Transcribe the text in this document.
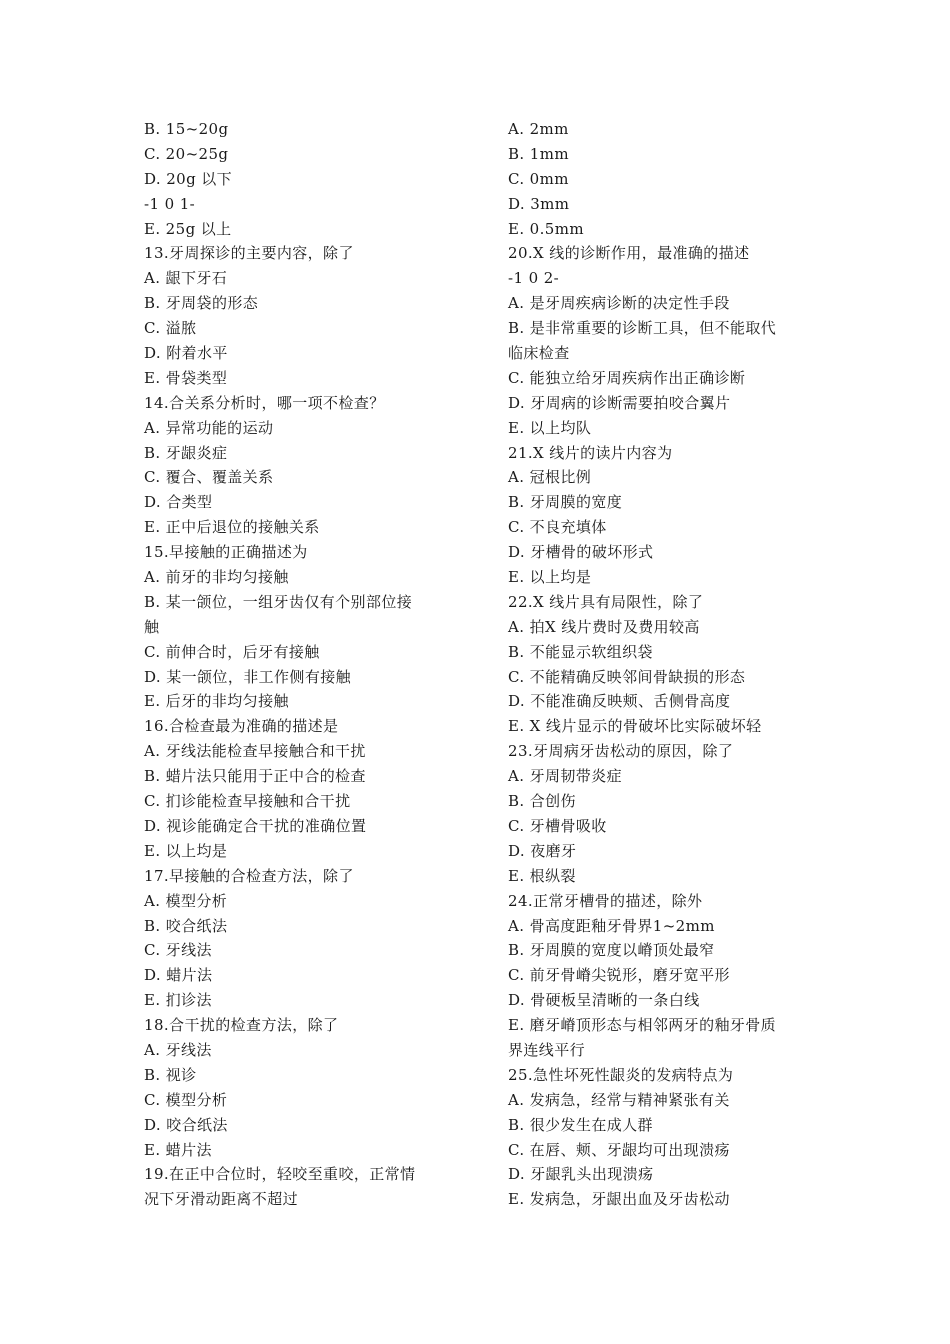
B. 15~20g
C. 20~25g
D. 20g 以下
-1 0 1-
E. 25g 以上
13.牙周探诊的主要内容，除了
A. 龈下牙石
B. 牙周袋的形态
C. 溢脓
D. 附着水平
E. 骨袋类型
14.合关系分析时，哪一项不检查？
A. 异常功能的运动
B. 牙龈炎症
C. 覆合、覆盖关系
D. 合类型
E. 正中后退位的接触关系
15.早接触的正确描述为
A. 前牙的非均匀接触
B. 某一颌位，一组牙齿仅有个别部位接
触
C. 前伸合时，后牙有接触
D. 某一颌位，非工作侧有接触
E. 后牙的非均匀接触
16.合检查最为准确的描述是
A. 牙线法能检查早接触合和干扰
B. 蜡片法只能用于正中合的检查
C. 扪诊能检查早接触和合干扰
D. 视诊能确定合干扰的准确位置
E. 以上均是
17.早接触的合检查方法，除了
A. 模型分析
B. 咬合纸法
C. 牙线法
D. 蜡片法
E. 扪诊法
18.合干扰的检查方法，除了
A. 牙线法
B. 视诊
C. 模型分析
D. 咬合纸法
E. 蜡片法
19.在正中合位时，轻咬至重咬，正常情
况下牙滑动距离不超过
A. 2mm
B. 1mm
C. 0mm
D. 3mm
E. 0.5mm
20.X 线的诊断作用，最准确的描述
-1 0 2-
A. 是牙周疾病诊断的决定性手段
B. 是非常重要的诊断工具，但不能取代
临床检查
C. 能独立给牙周疾病作出正确诊断
D. 牙周病的诊断需要拍咬合翼片
E. 以上均队
21.X 线片的读片内容为
A. 冠根比例
B. 牙周膜的宽度
C. 不良充填体
D. 牙槽骨的破坏形式
E. 以上均是
22.X 线片具有局限性，除了
A. 拍X 线片费时及费用较高
B. 不能显示软组织袋
C. 不能精确反映邻间骨缺损的形态
D. 不能准确反映颊、舌侧骨高度
E. X 线片显示的骨破坏比实际破坏轻
23.牙周病牙齿松动的原因，除了
A. 牙周韧带炎症
B. 合创伤
C. 牙槽骨吸收
D. 夜磨牙
E. 根纵裂
24.正常牙槽骨的描述，除外
A. 骨高度距釉牙骨界1~2mm
B. 牙周膜的宽度以嵴顶处最窄
C. 前牙骨嵴尖锐形，磨牙宽平形
D. 骨硬板呈清晰的一条白线
E. 磨牙嵴顶形态与相邻两牙的釉牙骨质
界连线平行
25.急性坏死性龈炎的发病特点为
A. 发病急，经常与精神紧张有关
B. 很少发生在成人群
C. 在唇、颊、牙龈均可出现溃疡
D. 牙龈乳头出现溃疡
E. 发病急，牙龈出血及牙齿松动
